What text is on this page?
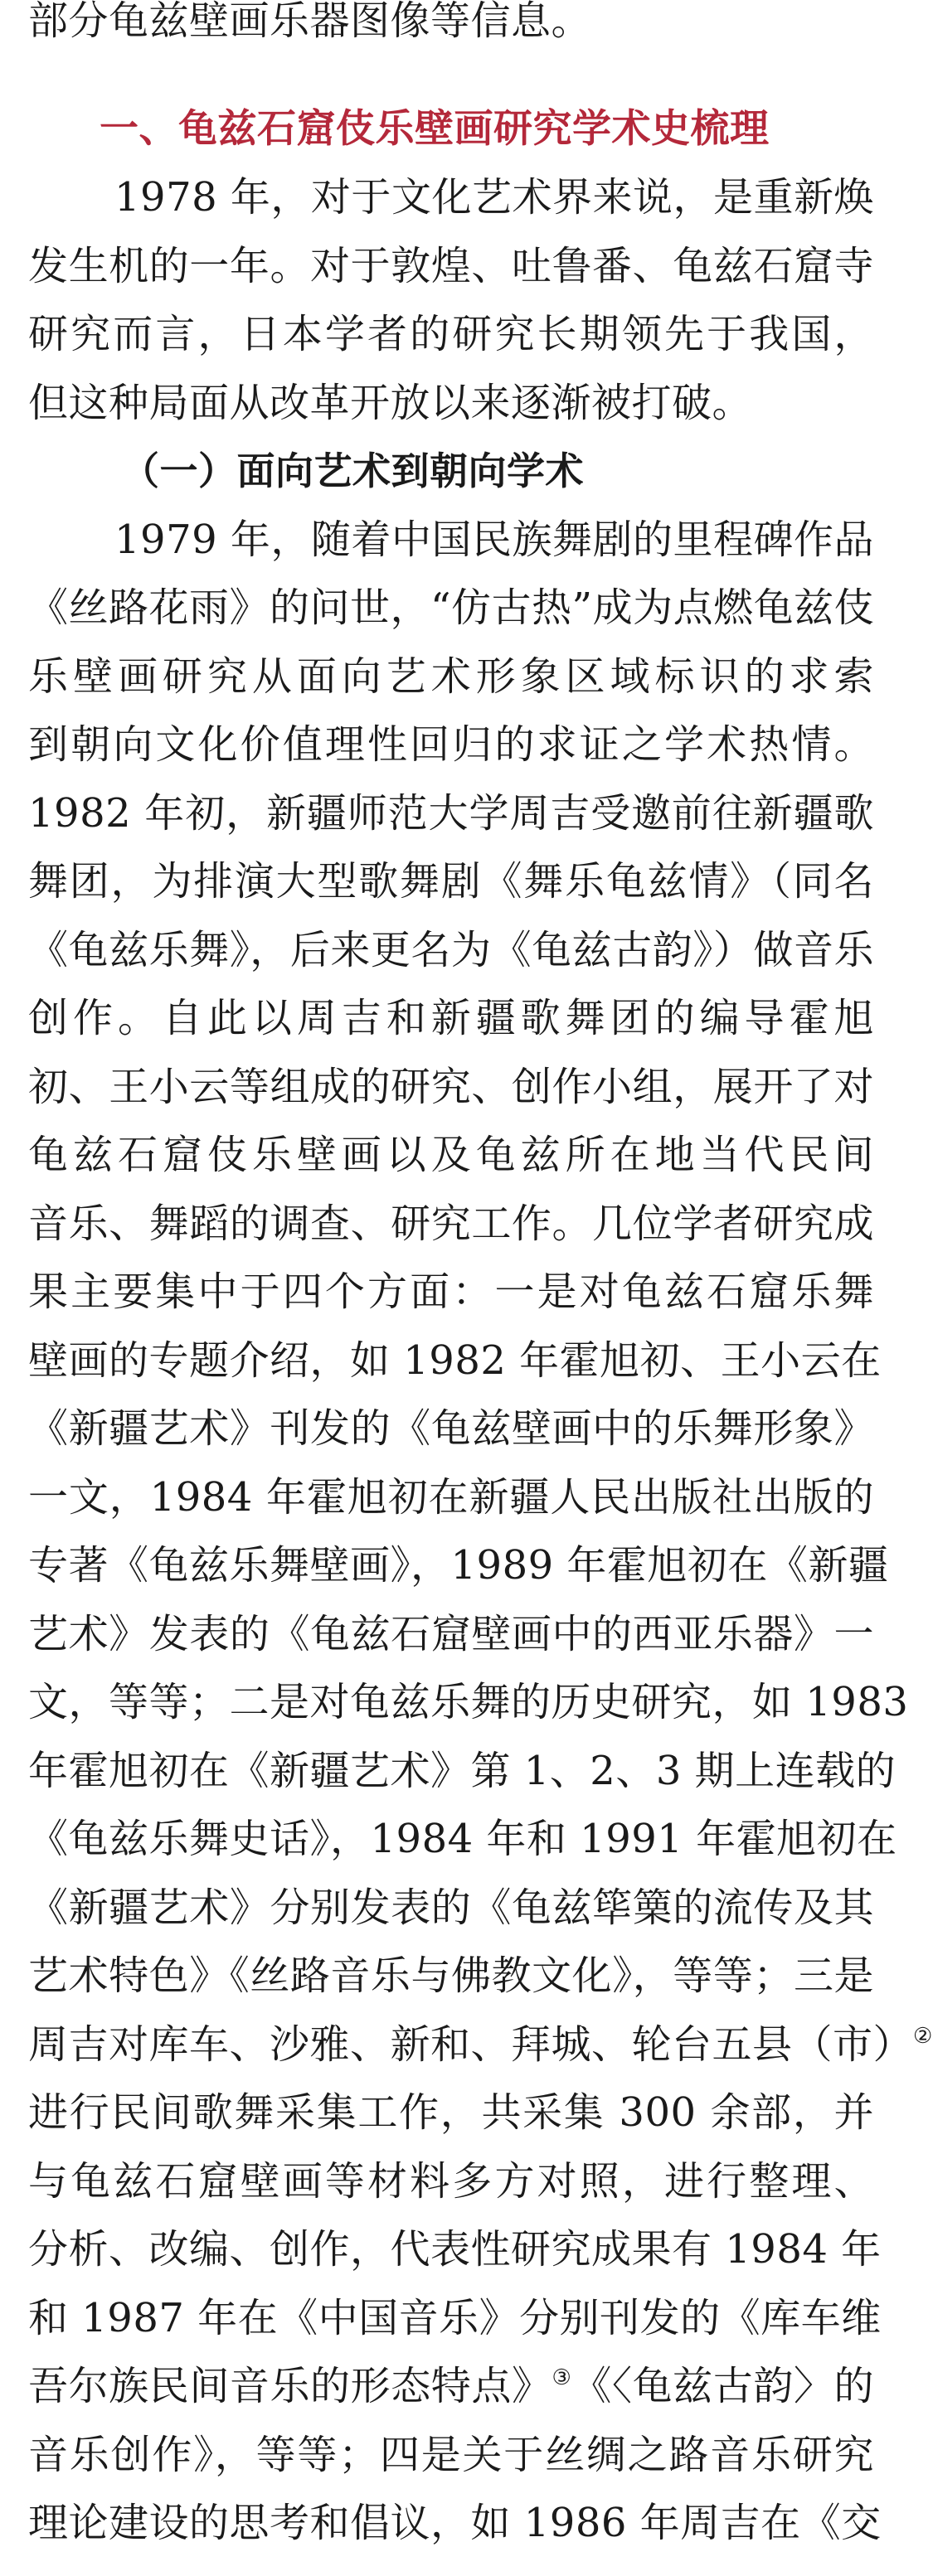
部分龟兹壁画乐器图像等信息。
一、龟兹石窟伎乐壁画研究学术史梳理
1978 年，对于文化艺术界来说，是重新焕
发生机的一年。对于敦煌、吐鲁番、龟兹石窟寺
研究而言，日本学者的研究长期领先于我国，
但这种局面从改革开放以来逐渐被打破。
（一）面向艺术到朝向学术
1979 年，随着中国民族舞剧的里程碑作品
《丝路花雨》的问世，“仿古热”成为点燃龟兹伎
乐壁画研究从面向艺术形象区域标识的求索
到朝向文化价值理性回归的求证之学术热情。
1982 年初，新疆师范大学周吉受邀前往新疆歌
舞团，为排演大型歌舞剧《舞乐龟兹情》（同名
《龟兹乐舞》，后来更名为《龟兹古韵》）做音乐
创作。自此以周吉和新疆歌舞团的编导霍旭
初、王小云等组成的研究、创作小组，展开了对
龟兹石窟伎乐壁画以及龟兹所在地当代民间
音乐、舞蹈的调查、研究工作。几位学者研究成
果主要集中于四个方面：一是对龟兹石窟乐舞
壁画的专题介绍，如 1982 年霍旭初、王小云在
《新疆艺术》刊发的《龟兹壁画中的乐舞形象》
一文，1984 年霍旭初在新疆人民出版社出版的
专著《龟兹乐舞壁画》，1989 年霍旭初在《新疆
艺术》发表的《龟兹石窟壁画中的西亚乐器》一
文，等等；二是对龟兹乐舞的历史研究，如 1983
年霍旭初在《新疆艺术》第 1、2、3 期上连载的
《龟兹乐舞史话》，1984 年和 1991 年霍旭初在
《新疆艺术》分别发表的《龟兹筚篥的流传及其
艺术特色》《丝路音乐与佛教文化》，等等；三是
周吉对库车、沙雅、新和、拜城、轮台五县（市）②
进行民间歌舞采集工作，共采集 300 余部，并
与龟兹石窟壁画等材料多方对照，进行整理、
分析、改编、创作，代表性研究成果有 1984 年
和 1987 年在《中国音乐》分别刊发的《库车维
吾尔族民间音乐的形态特点》③《〈龟兹古韵〉的
音乐创作》，等等；四是关于丝绸之路音乐研究
理论建设的思考和倡议，如 1986 年周吉在《交
